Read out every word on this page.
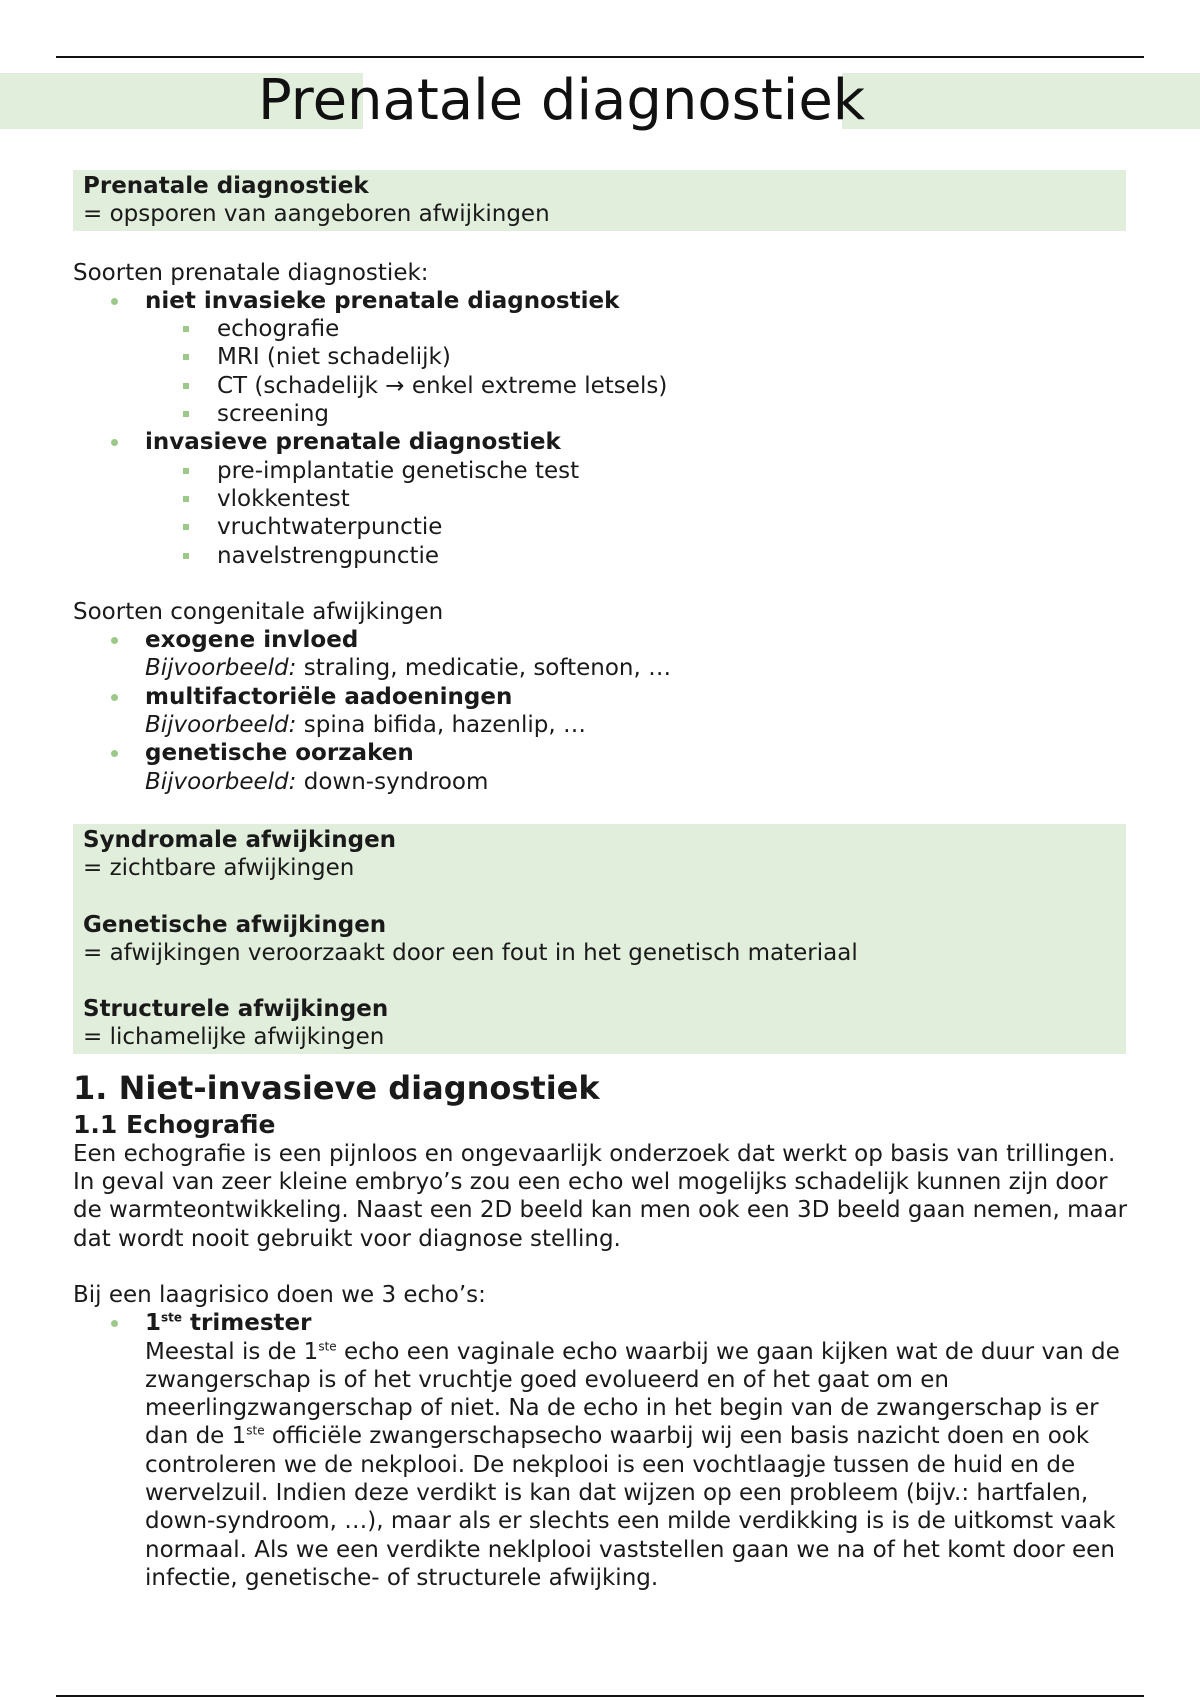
Prenatale diagnostiek
Prenatale diagnostiek
= opsporen van aangeboren afwijkingen

Soorten prenatale diagnostiek:

niet invasieke prenatale diagnostiek
echografie
MRI (niet schadelijk)
CT (schadelijk → enkel extreme letsels)
screening
invasieve prenatale diagnostiek
pre-implantatie genetische test
vlokkentest
vruchtwaterpunctie
navelstrengpunctie

Soorten congenitale afwijkingen

exogene invloed
Bijvoorbeeld: straling, medicatie, softenon, …
multifactoriële aadoeningen
Bijvoorbeeld: spina bifida, hazenlip, …
genetische oorzaken
Bijvoorbeeld: down-syndroom
Syndromale afwijkingen
= zichtbare afwijkingen
Genetische afwijkingen
= afwijkingen veroorzaakt door een fout in het genetisch materiaal
Structurele afwijkingen
= lichamelijke afwijkingen
1. Niet-invasieve diagnostiek
1.1 Echografie

Een echografie is een pijnloos en ongevaarlijk onderzoek dat werkt op basis van trillingen. In geval van zeer kleine embryo’s zou een echo wel mogelijks schadelijk kunnen zijn door de warmteontwikkeling. Naast een 2D beeld kan men ook een 3D beeld gaan nemen, maar dat wordt nooit gebruikt voor diagnose stelling.

Bij een laagrisico doen we 3 echo’s:

1ste trimester
Meestal is de 1ste echo een vaginale echo waarbij we gaan kijken wat de duur van de zwangerschap is of het vruchtje goed evolueerd en of het gaat om en meerlingzwangerschap of niet. Na de echo in het begin van de zwangerschap is er dan de 1ste officiële zwangerschapsecho waarbij wij een basis nazicht doen en ook controleren we de nekplooi. De nekplooi is een vochtlaagje tussen de huid en de wervelzuil. Indien deze verdikt is kan dat wijzen op een probleem (bijv.: hartfalen, down-syndroom, …), maar als er slechts een milde verdikking is is de uitkomst vaak normaal. Als we een verdikte neklplooi vaststellen gaan we na of het komt door een infectie, genetische- of structurele afwijking.
